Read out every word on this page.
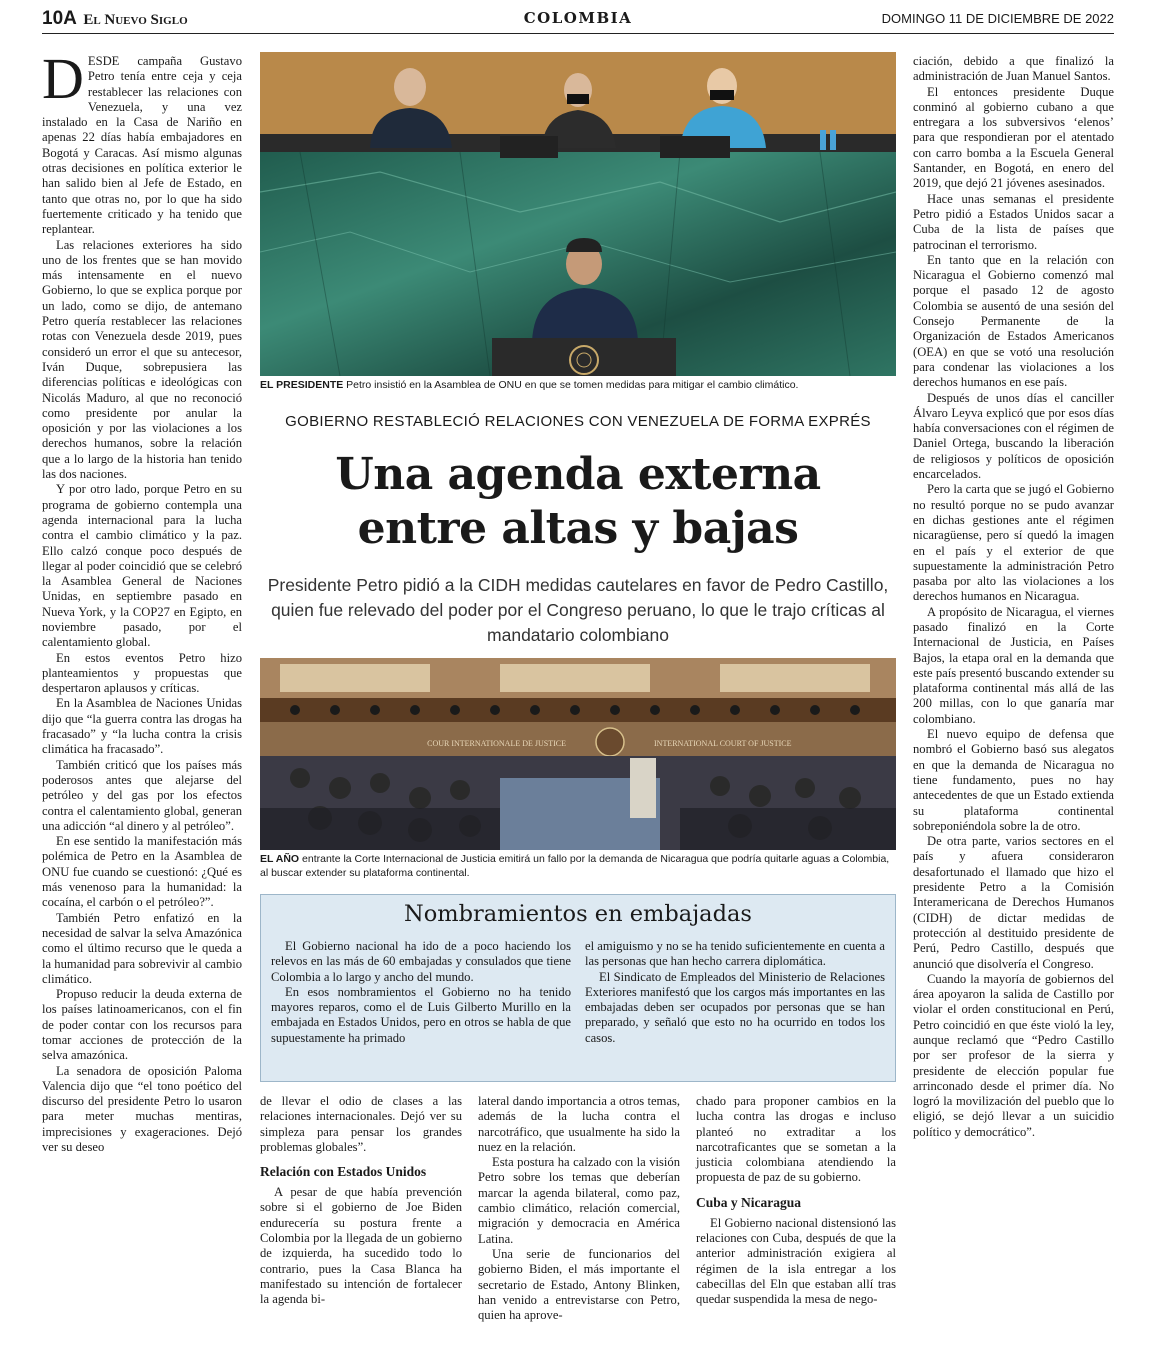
10A El Nuevo Siglo	COLOMBIA	DOMINGO 11 DE DICIEMBRE DE 2022

DESDE campaña Gustavo Petro tenía entre ceja y ceja restablecer las relaciones con Venezuela, y una vez instalado en la Casa de Nariño en apenas 22 días había embajadores en Bogotá y Caracas. Así mismo algunas otras decisiones en política exterior le han salido bien al Jefe de Estado, en tanto que otras no, por lo que ha sido fuertemente criticado y ha tenido que replantear.

Las relaciones exteriores ha sido uno de los frentes que se han movido más intensamente en el nuevo Gobierno, lo que se explica porque por un lado, como se dijo, de antemano Petro quería restablecer las relaciones rotas con Venezuela desde 2019, pues consideró un error el que su antecesor, Iván Duque, sobrepusiera las diferencias políticas e ideológicas con Nicolás Maduro, al que no reconoció como presidente por anular la oposición y por las violaciones a los derechos humanos, sobre la relación que a lo largo de la historia han tenido las dos naciones.

Y por otro lado, porque Petro en su programa de gobierno contempla una agenda internacional para la lucha contra el cambio climático y la paz. Ello calzó conque poco después de llegar al poder coincidió que se celebró la Asamblea General de Naciones Unidas, en septiembre pasado en Nueva York, y la COP27 en Egipto, en noviembre pasado, por el calentamiento global.

En estos eventos Petro hizo planteamientos y propuestas que despertaron aplausos y críticas.

En la Asamblea de Naciones Unidas dijo que “la guerra contra las drogas ha fracasado” y “la lucha contra la crisis climática ha fracasado”.

También criticó que los países más poderosos antes que alejarse del petróleo y del gas por los efectos contra el calentamiento global, generan una adicción “al dinero y al petróleo”.

En ese sentido la manifestación más polémica de Petro en la Asamblea de ONU fue cuando se cuestionó: ¿Qué es más venenoso para la humanidad: la cocaína, el carbón o el petróleo?”.

También Petro enfatizó en la necesidad de salvar la selva Amazónica como el último recurso que le queda a la humanidad para sobrevivir al cambio climático.

Propuso reducir la deuda externa de los países latinoamericanos, con el fin de poder contar con los recursos para tomar acciones de protección de la selva amazónica.

La senadora de oposición Paloma Valencia dijo que “el tono poético del discurso del presidente Petro lo usaron para meter muchas mentiras, imprecisiones y exageraciones. Dejó ver su deseo

EL PRESIDENTE Petro insistió en la Asamblea de ONU en que se tomen medidas para mitigar el cambio climático.
GOBIERNO RESTABLECIÓ RELACIONES CON VENEZUELA DE FORMA EXPRÉS
Una agenda externa
entre altas y bajas
Presidente Petro pidió a la CIDH medidas cautelares en favor de Pedro Castillo, quien fue relevado del poder por el Congreso peruano, lo que le trajo críticas al mandatario colombiano
COUR INTERNATIONALE DE JUSTICE	INTERNATIONAL COURT OF JUSTICE
EL AÑO entrante la Corte Internacional de Justicia emitirá un fallo por la demanda de Nicaragua que podría quitarle aguas a Colombia, al buscar extender su plataforma continental.
Nombramientos en embajadas

El Gobierno nacional ha ido de a poco haciendo los relevos en las más de 60 embajadas y consulados que tiene Colombia a lo largo y ancho del mundo.

En esos nombramientos el Gobierno no ha tenido mayores reparos, como el de Luis Gilberto Murillo en la embajada en Estados Unidos, pero en otros se habla de que supuestamente ha primado

el amiguismo y no se ha tenido suficientemente en cuenta a las personas que han hecho carrera diplomática.

El Sindicato de Empleados del Ministerio de Relaciones Exteriores manifestó que los cargos más importantes en las embajadas deben ser ocupados por personas que se han preparado, y señaló que esto no ha ocurrido en todos los casos.

de llevar el odio de clases a las relaciones internacionales. Dejó ver su simpleza para pensar los grandes problemas globales”.

Relación con Estados Unidos

A pesar de que había prevención sobre si el gobierno de Joe Biden endurecería su postura frente a Colombia por la llegada de un gobierno de izquierda, ha sucedido todo lo contrario, pues la Casa Blanca ha manifestado su intención de fortalecer la agenda bi-

lateral dando importancia a otros temas, además de la lucha contra el narcotráfico, que usualmente ha sido la nuez en la relación.

Esta postura ha calzado con la visión Petro sobre los temas que deberían marcar la agenda bilateral, como paz, cambio climático, relación comercial, migración y democracia en América Latina.

Una serie de funcionarios del gobierno Biden, el más importante el secretario de Estado, Antony Blinken, han venido a entrevistarse con Petro, quien ha aprove-

chado para proponer cambios en la lucha contra las drogas e incluso planteó no extraditar a los narcotraficantes que se sometan a la justicia colombiana atendiendo la propuesta de paz de su gobierno.

Cuba y Nicaragua

El Gobierno nacional distensionó las relaciones con Cuba, después de que la anterior administración exigiera al régimen de la isla entregar a los cabecillas del Eln que estaban allí tras quedar suspendida la mesa de nego-

ciación, debido a que finalizó la administración de Juan Manuel Santos.

El entonces presidente Duque conminó al gobierno cubano a que entregara a los subversivos ‘elenos’ para que respondieran por el atentado con carro bomba a la Escuela General Santander, en Bogotá, en enero del 2019, que dejó 21 jóvenes asesinados.

Hace unas semanas el presidente Petro pidió a Estados Unidos sacar a Cuba de la lista de países que patrocinan el terrorismo.

En tanto que en la relación con Nicaragua el Gobierno comenzó mal porque el pasado 12 de agosto Colombia se ausentó de una sesión del Consejo Permanente de la Organización de Estados Americanos (OEA) en que se votó una resolución para condenar las violaciones a los derechos humanos en ese país.

Después de unos días el canciller Álvaro Leyva explicó que por esos días había conversaciones con el régimen de Daniel Ortega, buscando la liberación de religiosos y políticos de oposición encarcelados.

Pero la carta que se jugó el Gobierno no resultó porque no se pudo avanzar en dichas gestiones ante el régimen nicaragüense, pero sí quedó la imagen en el país y el exterior de que supuestamente la administración Petro pasaba por alto las violaciones a los derechos humanos en Nicaragua.

A propósito de Nicaragua, el viernes pasado finalizó en la Corte Internacional de Justicia, en Países Bajos, la etapa oral en la demanda que este país presentó buscando extender su plataforma continental más allá de las 200 millas, con lo que ganaría mar colombiano.

El nuevo equipo de defensa que nombró el Gobierno basó sus alegatos en que la demanda de Nicaragua no tiene fundamento, pues no hay antecedentes de que un Estado extienda su plataforma continental sobreponiéndola sobre la de otro.

De otra parte, varios sectores en el país y afuera consideraron desafortunado el llamado que hizo el presidente Petro a la Comisión Interamericana de Derechos Humanos (CIDH) de dictar medidas de protección al destituido presidente de Perú, Pedro Castillo, después que anunció que disolvería el Congreso.

Cuando la mayoría de gobiernos del área apoyaron la salida de Castillo por violar el orden constitucional en Perú, Petro coincidió en que éste violó la ley, aunque reclamó que “Pedro Castillo por ser profesor de la sierra y presidente de elección popular fue arrinconado desde el primer día. No logró la movilización del pueblo que lo eligió, se dejó llevar a un suicidio político y democrático”.
